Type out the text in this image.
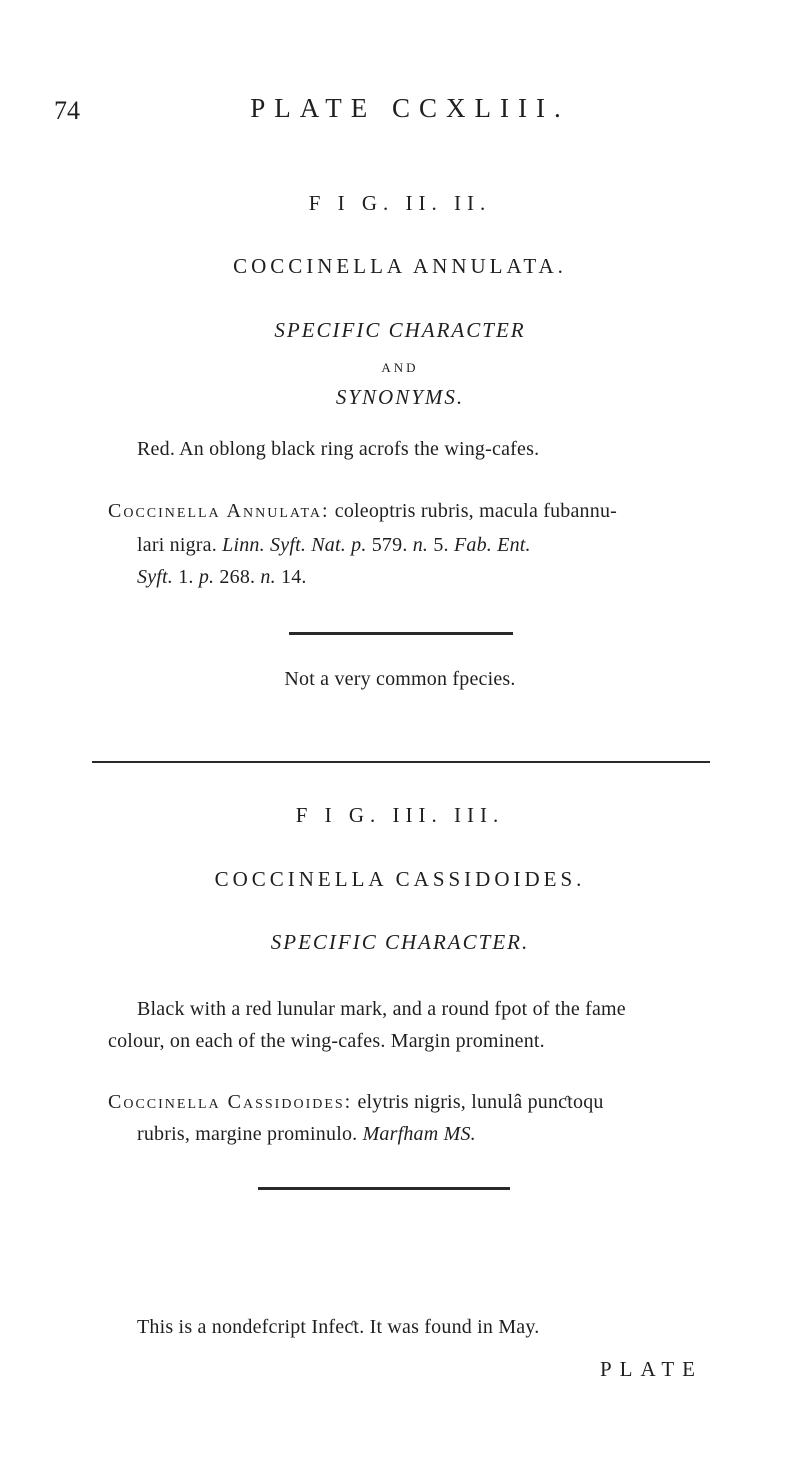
74	PLATE CCXLIII.
F I G. II. II.
COCCINELLA ANNULATA.
SPECIFIC CHARACTER
AND
SYNONYMS.
Red. An oblong black ring acrofs the wing-cafes.
Coccinella Annulata: coleoptris rubris, macula fubannu-
lari nigra. Linn. Syft. Nat. p. 579. n. 5. Fab. Ent.
Syft. 1. p. 268. n. 14.
Not a very common fpecies.
F I G. III. III.
COCCINELLA CASSIDOIDES.
SPECIFIC CHARACTER.
Black with a red lunular mark, and a round fpot of the fame
colour, on each of the wing-cafes. Margin prominent.
Coccinella Cassidoides: elytris nigris, lunulâ punƈtoqu
rubris, margine prominulo. Marfham MS.
This is a nondefcript Infeƈt. It was found in May.
PLATE
